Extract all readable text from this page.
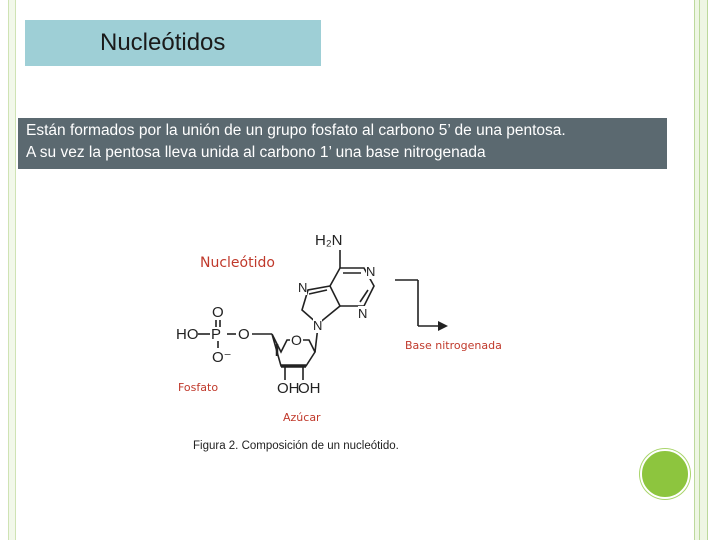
Nucleótidos
Están formados por la unión de un grupo fosfato al carbono 5’ de una pentosa.
A su vez la pentosa lleva unida al carbono 1’ una base nitrogenada
Nucleótido
H₂N
HO P
O
O⁻
O	O
OH
OH
N
N
N
N
Base nitrogenada
Fosfato
Azúcar
Figura 2. Composición de un nucleótido.
